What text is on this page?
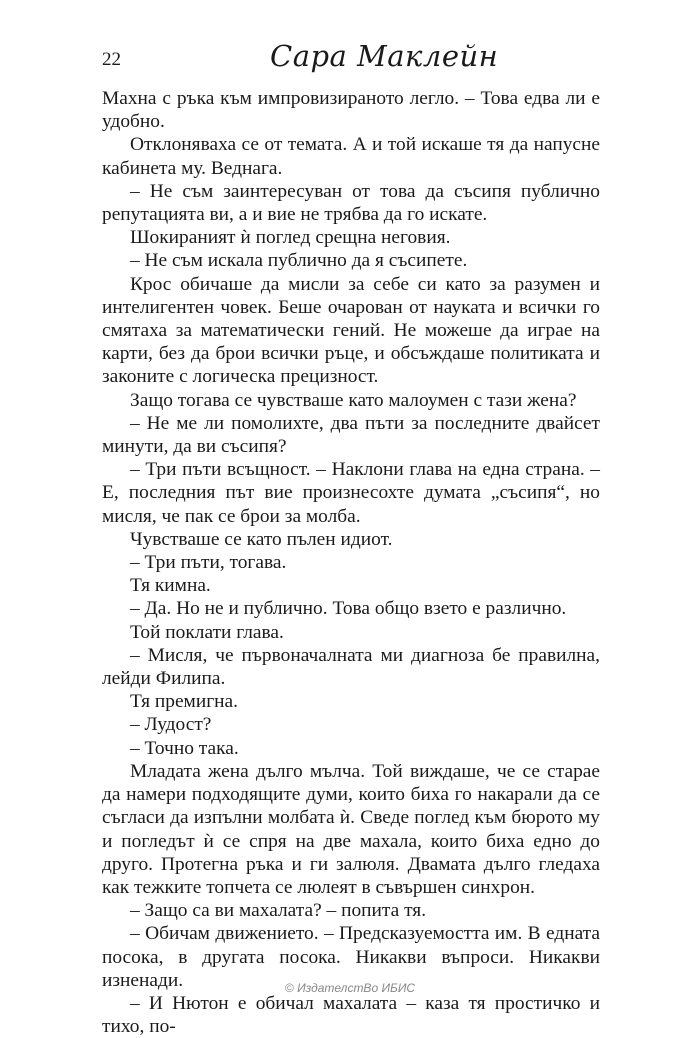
22	Сара Маклейн

Махна с ръка към импровизираното легло. – Това едва ли е удобно.

Отклоняваха се от темата. А и той искаше тя да напусне кабинета му. Веднага.

– Не съм заинтересуван от това да съсипя публично репутацията ви, а и вие не трябва да го искате.

Шокираният ѝ поглед срещна неговия.

– Не съм искала публично да я съсипете.

Крос обичаше да мисли за себе си като за разумен и интелигентен човек. Беше очарован от науката и всички го смятаха за математически гений. Не можеше да играе на карти, без да брои всички ръце, и обсъждаше политиката и законите с логическа прецизност.

Защо тогава се чувстваше като малоумен с тази жена?

– Не ме ли помолихте, два пъти за последните двайсет минути, да ви съсипя?

– Три пъти всъщност. – Наклони глава на една страна. – Е, последния път вие произнесохте думата „съсипя“, но мисля, че пак се брои за молба.

Чувстваше се като пълен идиот.

– Три пъти, тогава.

Тя кимна.

– Да. Но не и публично. Това общо взето е различно.

Той поклати глава.

– Мисля, че първоначалната ми диагноза бе правилна, лейди Филипа.

Тя премигна.

– Лудост?

– Точно така.

Младата жена дълго мълча. Той виждаше, че се старае да намери подходящите думи, които биха го накарали да се съгласи да изпълни молбата ѝ. Сведе поглед към бюрото му и погледът ѝ се спря на две махала, които биха едно до друго. Протегна ръка и ги залюля. Двамата дълго гледаха как тежките топчета се люлеят в съвършен синхрон.

– Защо са ви махалата? – попита тя.

– Обичам движението. – Предсказуемостта им. В едната посока, в другата посока. Никакви въпроси. Никакви изненади.

– И Нютон е обичал махалата – каза тя простичко и тихо, по-

© ИздателстВо ИБИС
